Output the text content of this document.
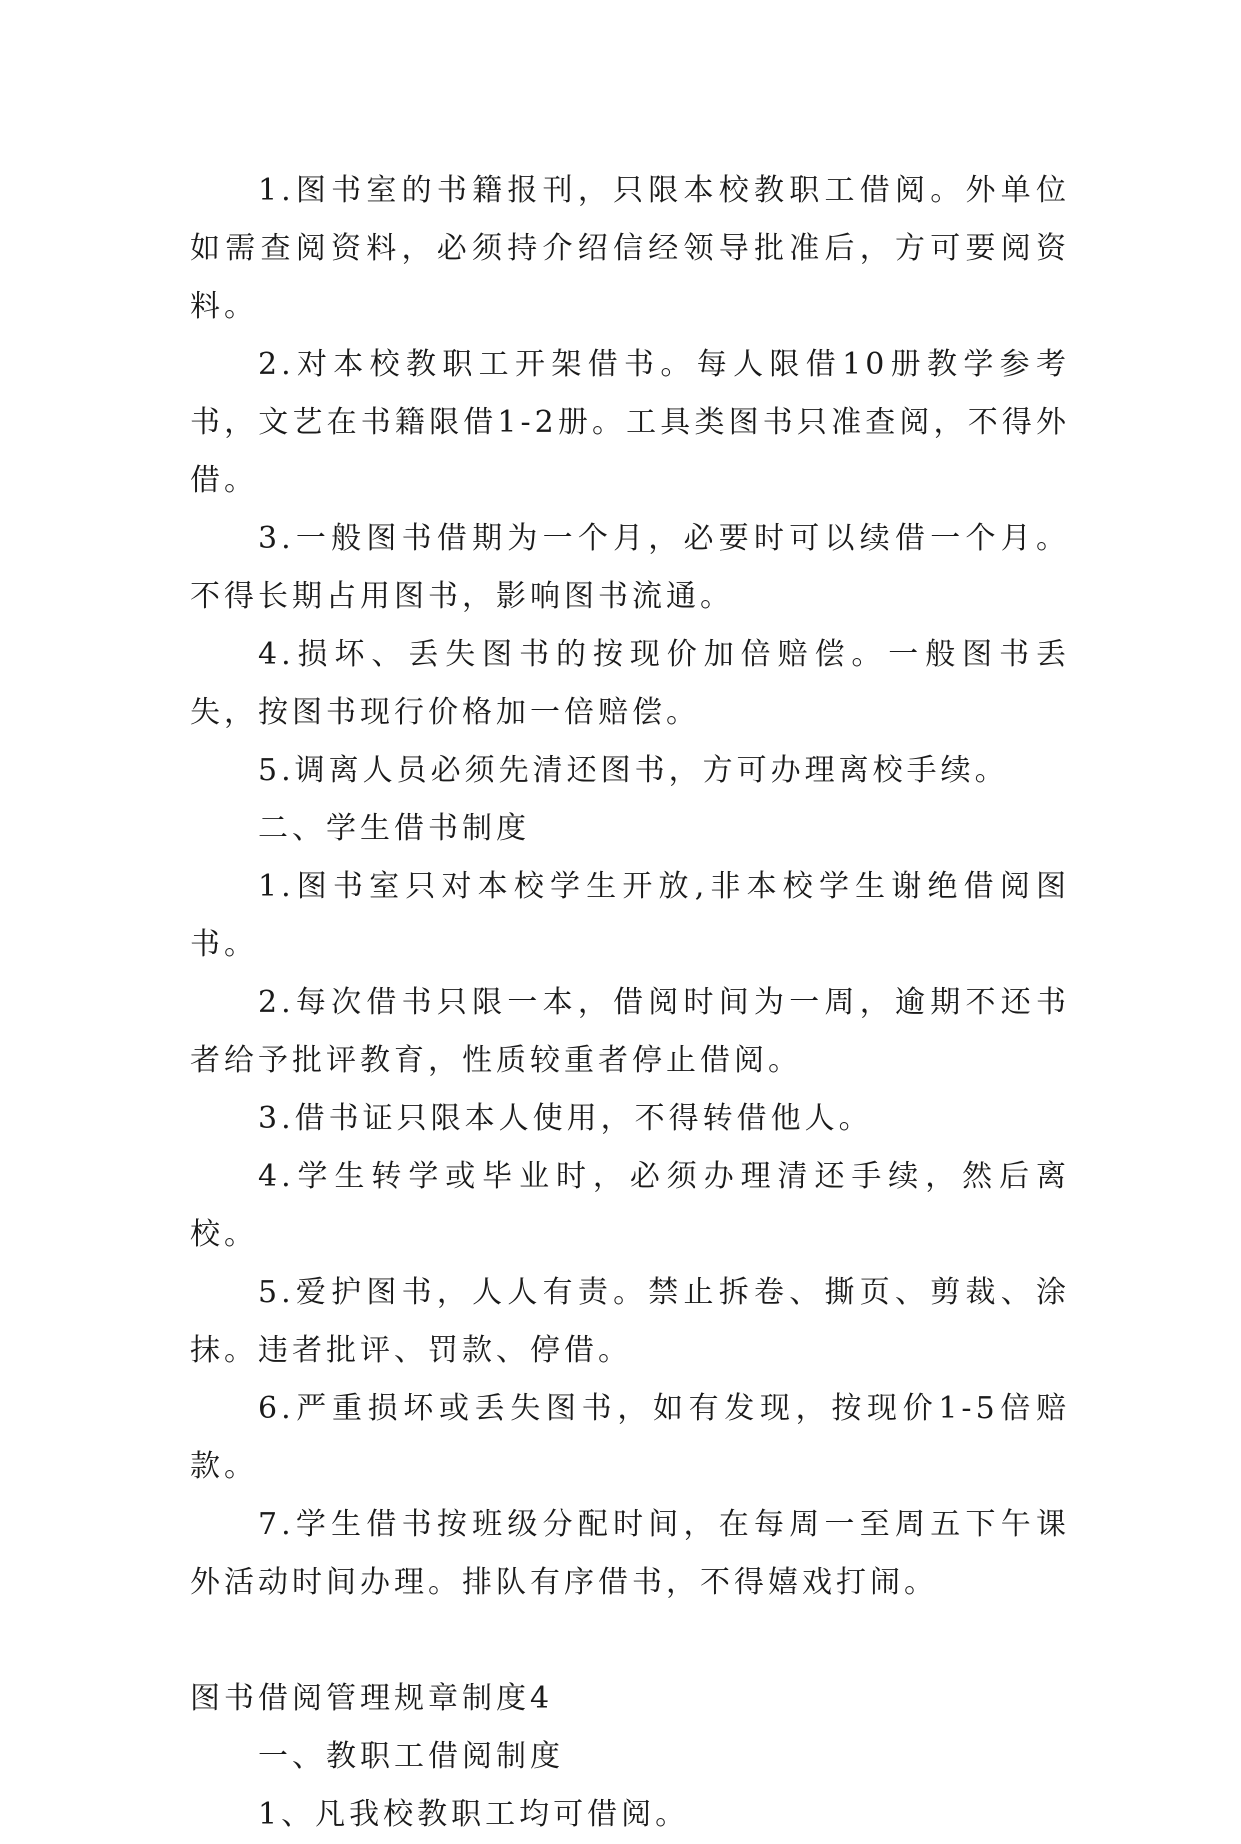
1.图书室的书籍报刊，只限本校教职工借阅。外单位如需查阅资料，必须持介绍信经领导批准后，方可要阅资料。

2.对本校教职工开架借书。每人限借10册教学参考书，文艺在书籍限借1-2册。工具类图书只准查阅，不得外借。

3.一般图书借期为一个月，必要时可以续借一个月。不得长期占用图书，影响图书流通。

4.损坏、丢失图书的按现价加倍赔偿。一般图书丢失，按图书现行价格加一倍赔偿。

5.调离人员必须先清还图书，方可办理离校手续。

二、学生借书制度

1.图书室只对本校学生开放,非本校学生谢绝借阅图书。

2.每次借书只限一本，借阅时间为一周，逾期不还书者给予批评教育，性质较重者停止借阅。

3.借书证只限本人使用，不得转借他人。

4.学生转学或毕业时，必须办理清还手续，然后离校。

5.爱护图书，人人有责。禁止拆卷、撕页、剪裁、涂抹。违者批评、罚款、停借。

6.严重损坏或丢失图书，如有发现，按现价1-5倍赔款。

7.学生借书按班级分配时间，在每周一至周五下午课外活动时间办理。排队有序借书，不得嬉戏打闹。

图书借阅管理规章制度4

一、教职工借阅制度

1、凡我校教职工均可借阅。
